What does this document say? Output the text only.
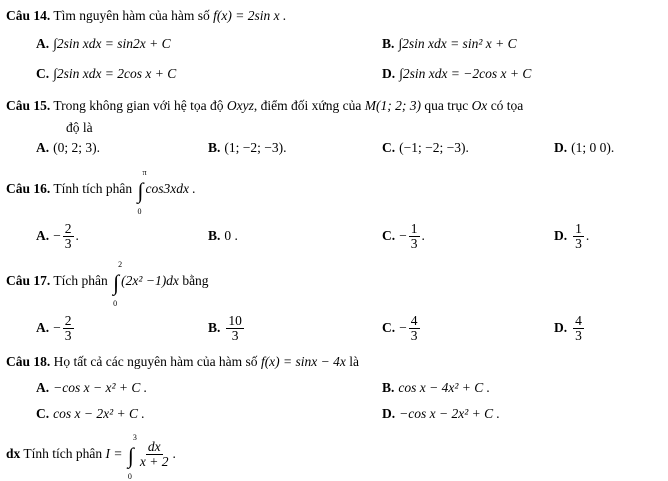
Câu 14. Tìm nguyên hàm của hàm số f(x) = 2sin x .
A. ∫2sin xdx = sin2x + C	B. ∫2sin xdx = sin² x + C
C. ∫2sin xdx = 2cos x + C	D. ∫2sin xdx = −2cos x + C
Câu 15. Trong không gian với hệ tọa độ Oxyz, điểm đối xứng của M(1; 2; 3) qua trục Ox có tọa
độ là
A. (0; 2; 3).	B. (1; −2; −3).	C. (−1; −2; −3).	D. (1; 0 0).
Câu 16. Tính tích phân ∫
π
0
cos3xdx .
A. − $\frac{2}{3}$ .	B. 0 .	C. − $\frac{1}{3}$ .	D. $\frac{1}{3}$ .
Câu 17. Tích phân ∫
2
0
(2x² −1)dx bằng
A. − $\frac{2}{3}$	B. $\frac{10}{3}$	C. − $\frac{4}{3}$	D. $\frac{4}{3}$
Câu 18. Họ tất cả các nguyên hàm của hàm số f(x) = sinx − 4x là
A. −cos x − x² + C .	B. cos x − 4x² + C .
C. cos x − 2x² + C .	D. −cos x − 2x² + C .
dx Tính tích phân I = ∫
3
0
$\frac{dx}{x + 2}$ .
